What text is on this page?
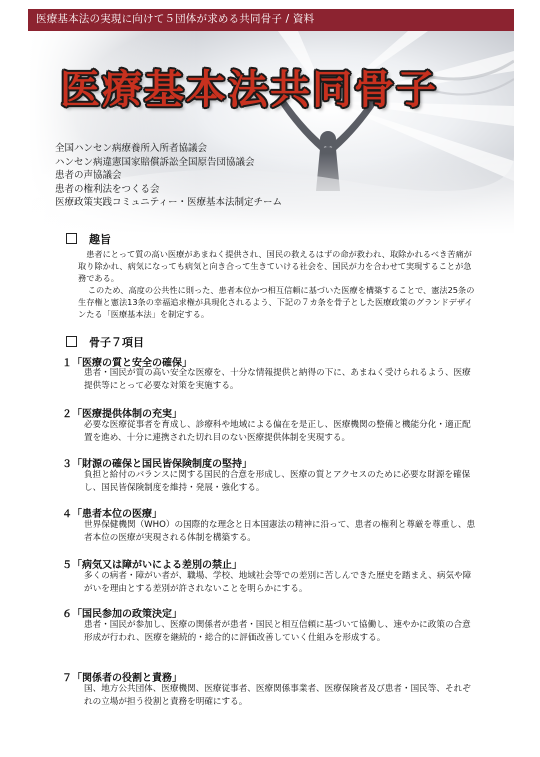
医療基本法の実現に向けて５団体が求める共同骨子 / 資料
医療基本法共同骨子
全国ハンセン病療養所入所者協議会
ハンセン病違憲国家賠償訴訟全国原告団協議会
患者の声協議会
患者の権利法をつくる会
医療政策実践コミュニティー・医療基本法制定チーム
趣旨
患者にとって質の高い医療があまねく提供され、国民の救えるはずの命が救われ、取除かれるべき苦痛が取り除かれ、病気になっても病気と向き合って生きていける社会を、国民が力を合わせて実現することが急務である。
このため、高度の公共性に則った、患者本位かつ相互信頼に基づいた医療を構築することで、憲法25条の生存権と憲法13条の幸福追求権が具現化されるよう、下記の７カ条を骨子とした医療政策のグランドデザインたる「医療基本法」を制定する。
骨子７項目
１「医療の質と安全の確保」
患者・国民が質の高い安全な医療を、十分な情報提供と納得の下に、あまねく受けられるよう、医療提供等にとって必要な対策を実施する。
２「医療提供体制の充実」
必要な医療従事者を育成し、診療科や地域による偏在を是正し、医療機関の整備と機能分化・適正配置を進め、十分に連携された切れ目のない医療提供体制を実現する。
３「財源の確保と国民皆保険制度の堅持」
負担と給付のバランスに関する国民的合意を形成し、医療の質とアクセスのために必要な財源を確保し、国民皆保険制度を維持・発展・強化する。
４「患者本位の医療」
世界保健機関（WHO）の国際的な理念と日本国憲法の精神に沿って、患者の権利と尊厳を尊重し、患者本位の医療が実現される体制を構築する。
５「病気又は障がいによる差別の禁止」
多くの病者・障がい者が、職場、学校、地域社会等での差別に苦しんできた歴史を踏まえ、病気や障がいを理由とする差別が許されないことを明らかにする。
６「国民参加の政策決定」
患者・国民が参加し、医療の関係者が患者・国民と相互信頼に基づいて協働し、速やかに政策の合意形成が行われ、医療を継続的・総合的に評価改善していく仕組みを形成する。
７「関係者の役割と責務」
国、地方公共団体、医療機関、医療従事者、医療関係事業者、医療保険者及び患者・国民等、それぞれの立場が担う役割と責務を明確にする。
